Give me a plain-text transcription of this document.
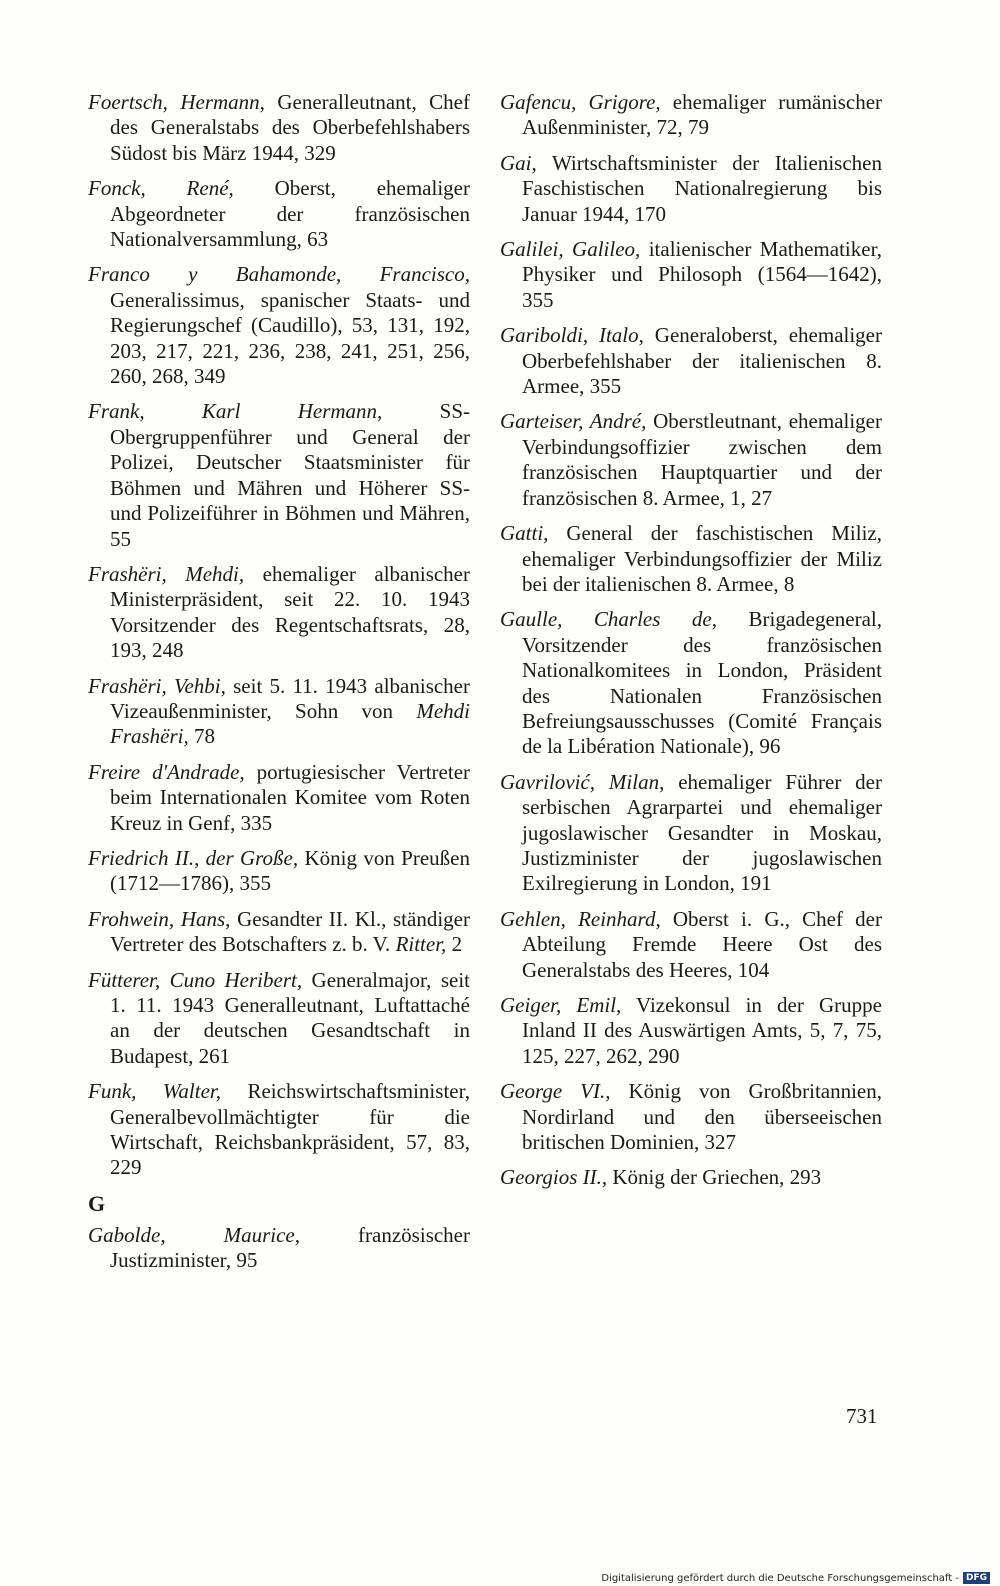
Foertsch, Hermann, Generalleutnant, Chef des Generalstabs des Oberbefehlshabers Südost bis März 1944, 329

Fonck, René, Oberst, ehemaliger Abgeordneter der französischen Nationalversammlung, 63

Franco y Bahamonde, Francisco, Generalissimus, spanischer Staats- und Regierungschef (Caudillo), 53, 131, 192, 203, 217, 221, 236, 238, 241, 251, 256, 260, 268, 349

Frank, Karl Hermann, SS-Obergruppenführer und General der Polizei, Deutscher Staatsminister für Böhmen und Mähren und Höherer SS- und Polizeiführer in Böhmen und Mähren, 55

Frashëri, Mehdi, ehemaliger albanischer Ministerpräsident, seit 22. 10. 1943 Vorsitzender des Regentschaftsrats, 28, 193, 248

Frashëri, Vehbi, seit 5. 11. 1943 albanischer Vizeaußenminister, Sohn von Mehdi Frashëri, 78

Freire d'Andrade, portugiesischer Vertreter beim Internationalen Komitee vom Roten Kreuz in Genf, 335

Friedrich II., der Große, König von Preußen (1712—1786), 355

Frohwein, Hans, Gesandter II. Kl., ständiger Vertreter des Botschafters z. b. V. Ritter, 2

Fütterer, Cuno Heribert, Generalmajor, seit 1. 11. 1943 Generalleutnant, Luftattaché an der deutschen Gesandtschaft in Budapest, 261

Funk, Walter, Reichswirtschaftsminister, Generalbevollmächtigter für die Wirtschaft, Reichsbankpräsident, 57, 83, 229

G

Gabolde, Maurice, französischer Justizminister, 95

Gafencu, Grigore, ehemaliger rumänischer Außenminister, 72, 79

Gai, Wirtschaftsminister der Italienischen Faschistischen Nationalregierung bis Januar 1944, 170

Galilei, Galileo, italienischer Mathematiker, Physiker und Philosoph (1564—1642), 355

Gariboldi, Italo, Generaloberst, ehemaliger Oberbefehlshaber der italienischen 8. Armee, 355

Garteiser, André, Oberstleutnant, ehemaliger Verbindungsoffizier zwischen dem französischen Hauptquartier und der französischen 8. Armee, 1, 27

Gatti, General der faschistischen Miliz, ehemaliger Verbindungsoffizier der Miliz bei der italienischen 8. Armee, 8

Gaulle, Charles de, Brigadegeneral, Vorsitzender des französischen Nationalkomitees in London, Präsident des Nationalen Französischen Befreiungsausschusses (Comité Français de la Libération Nationale), 96

Gavrilović, Milan, ehemaliger Führer der serbischen Agrarpartei und ehemaliger jugoslawischer Gesandter in Moskau, Justizminister der jugoslawischen Exilregierung in London, 191

Gehlen, Reinhard, Oberst i. G., Chef der Abteilung Fremde Heere Ost des Generalstabs des Heeres, 104

Geiger, Emil, Vizekonsul in der Gruppe Inland II des Auswärtigen Amts, 5, 7, 75, 125, 227, 262, 290

George VI., König von Großbritannien, Nordirland und den überseeischen britischen Dominien, 327

Georgios II., König der Griechen, 293

731
Digitalisierung gefördert durch die Deutsche Forschungsgemeinschaft - DFG
